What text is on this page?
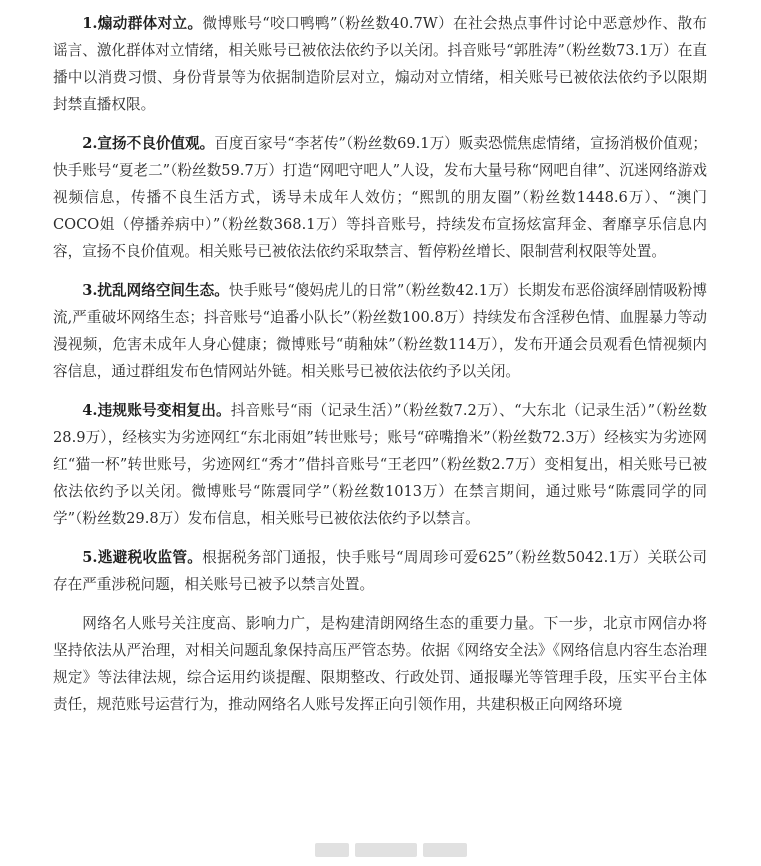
1.煽动群体对立。微博账号“咬口鸭鸭”（粉丝数40.7W）在社会热点事件讨论中恶意炒作、散布谣言、激化群体对立情绪，相关账号已被依法依约予以关闭。抖音账号“郭胜涛”（粉丝数73.1万）在直播中以消费习惯、身份背景等为依据制造阶层对立，煽动对立情绪，相关账号已被依法依约予以限期封禁直播权限。

2.宣扬不良价值观。百度百家号“李茗传”（粉丝数69.1万）贩卖恐慌焦虑情绪，宣扬消极价值观；快手账号“夏老二”（粉丝数59.7万）打造“网吧守吧人”人设，发布大量号称“网吧自律”、沉迷网络游戏视频信息，传播不良生活方式，诱导未成年人效仿；“熙凯的朋友圈”（粉丝数1448.6万）、“澳门COCO姐（停播养病中）”（粉丝数368.1万）等抖音账号，持续发布宣扬炫富拜金、奢靡享乐信息内容，宣扬不良价值观。相关账号已被依法依约采取禁言、暂停粉丝增长、限制营利权限等处置。

3.扰乱网络空间生态。快手账号“傻妈虎儿的日常”（粉丝数42.1万）长期发布恶俗演绎剧情吸粉博流,严重破坏网络生态；抖音账号“追番小队长”（粉丝数100.8万）持续发布含淫秽色情、血腥暴力等动漫视频，危害未成年人身心健康；微博账号“萌釉妹”（粉丝数114万），发布开通会员观看色情视频内容信息，通过群组发布色情网站外链。相关账号已被依法依约予以关闭。

4.违规账号变相复出。抖音账号“雨（记录生活）”（粉丝数7.2万）、“大东北（记录生活）”（粉丝数28.9万），经核实为劣迹网红“东北雨姐”转世账号；账号“碎嘴撸米”（粉丝数72.3万）经核实为劣迹网红“猫一杯”转世账号，劣迹网红“秀才”借抖音账号“王老四”（粉丝数2.7万）变相复出，相关账号已被依法依约予以关闭。微博账号“陈震同学”（粉丝数1013万）在禁言期间，通过账号“陈震同学的同学”（粉丝数29.8万）发布信息，相关账号已被依法依约予以禁言。

5.逃避税收监管。根据税务部门通报，快手账号“周周珍可爱625”（粉丝数5042.1万）关联公司存在严重涉税问题，相关账号已被予以禁言处置。

网络名人账号关注度高、影响力广，是构建清朗网络生态的重要力量。下一步，北京市网信办将坚持依法从严治理，对相关问题乱象保持高压严管态势。依据《网络安全法》《网络信息内容生态治理规定》等法律法规，综合运用约谈提醒、限期整改、行政处罚、通报曝光等管理手段，压实平台主体责任，规范账号运营行为，推动网络名人账号发挥正向引领作用，共建积极正向网络环境
